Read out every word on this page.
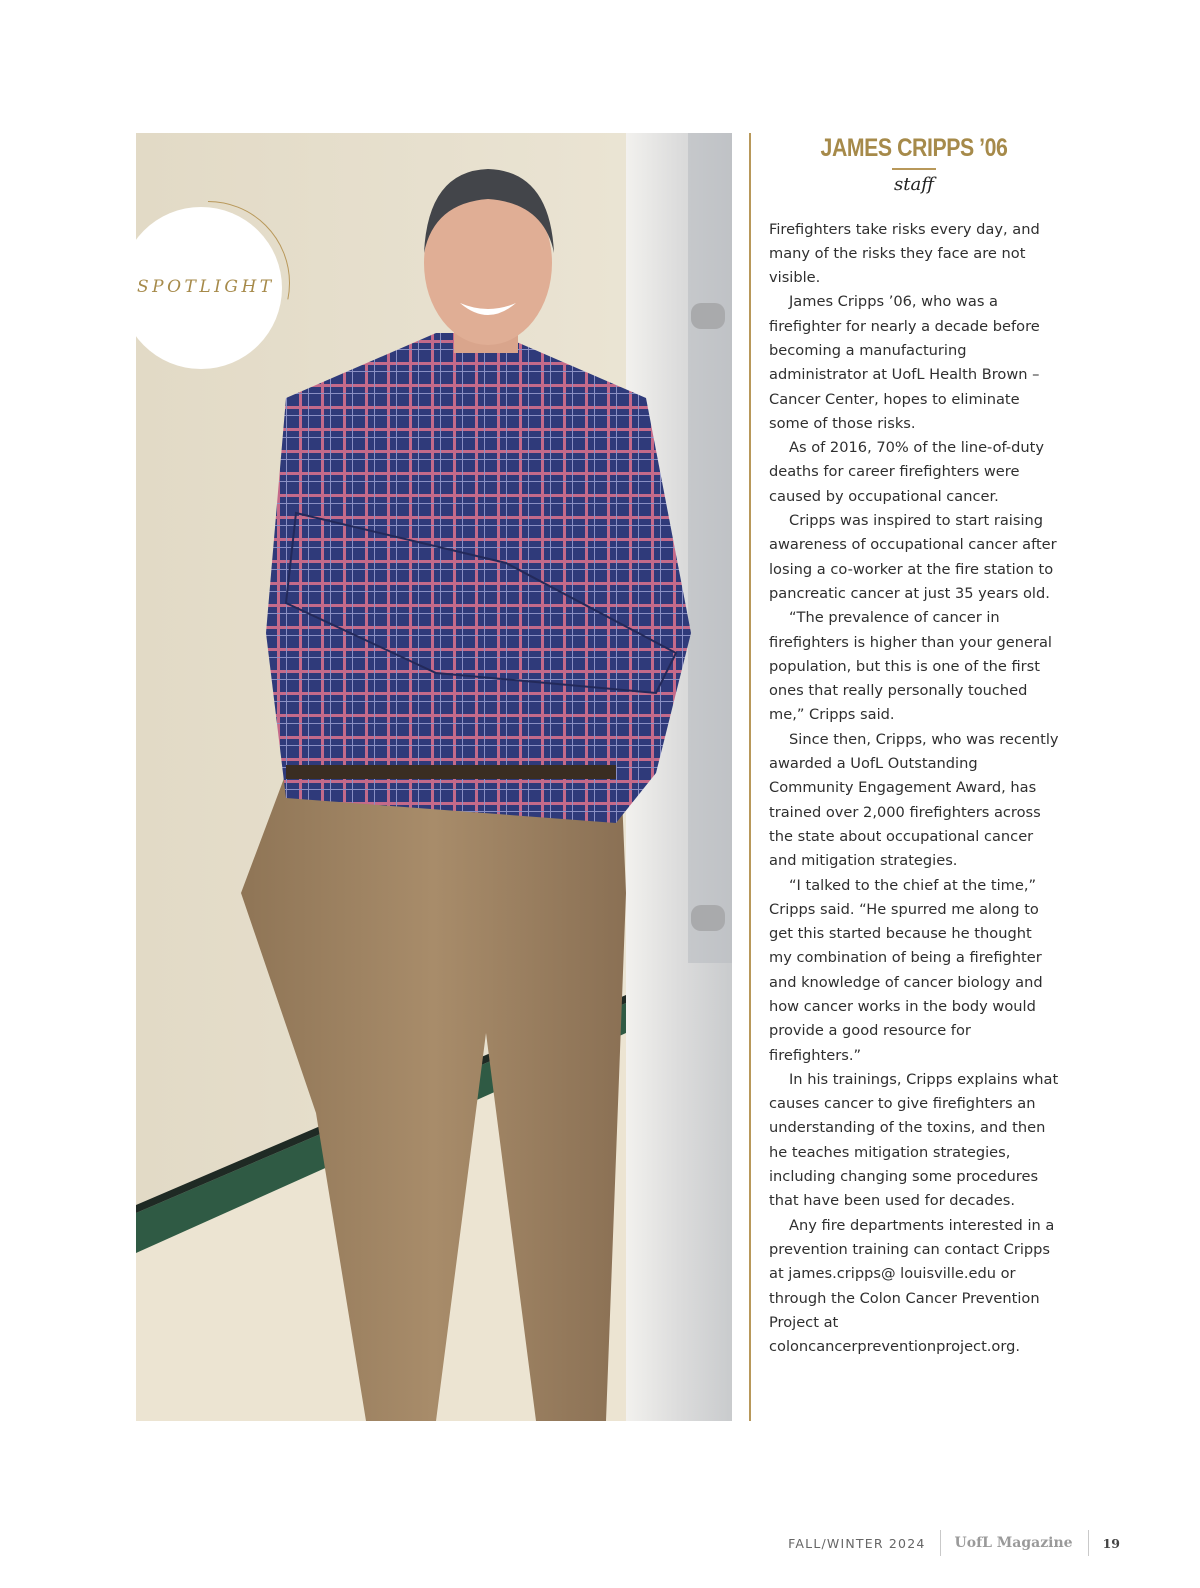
SPOTLIGHT
JAMES CRIPPS ’06
staff

Firefighters take risks every day, and many of the risks they face are not visible.

James Cripps ’06, who was a firefighter for nearly a decade before becoming a manufacturing administrator at UofL Health Brown – Cancer Center, hopes to eliminate some of those risks.

As of 2016, 70% of the line-of-duty deaths for career firefighters were caused by occupational cancer.

Cripps was inspired to start raising awareness of occupational cancer after losing a co-worker at the fire station to pancreatic cancer at just 35 years old.

“The prevalence of cancer in firefighters is higher than your general population, but this is one of the first ones that really personally touched me,” Cripps said.

Since then, Cripps, who was recently awarded a UofL Outstanding Community Engagement Award, has trained over 2,000 firefighters across the state about occupational cancer and mitigation strategies.

“I talked to the chief at the time,” Cripps said. “He spurred me along to get this started because he thought my combination of being a firefighter and knowledge of cancer biology and how cancer works in the body would provide a good resource for firefighters.”

In his trainings, Cripps explains what causes cancer to give firefighters an understanding of the toxins, and then he teaches mitigation strategies, including changing some procedures that have been used for decades.

Any fire departments interested in a prevention training can contact Cripps at james.cripps@ louisville.edu or through the Colon Cancer Prevention Project at coloncancerpreventionproject.org.

FALL/WINTER 2024 UofL Magazine 19
